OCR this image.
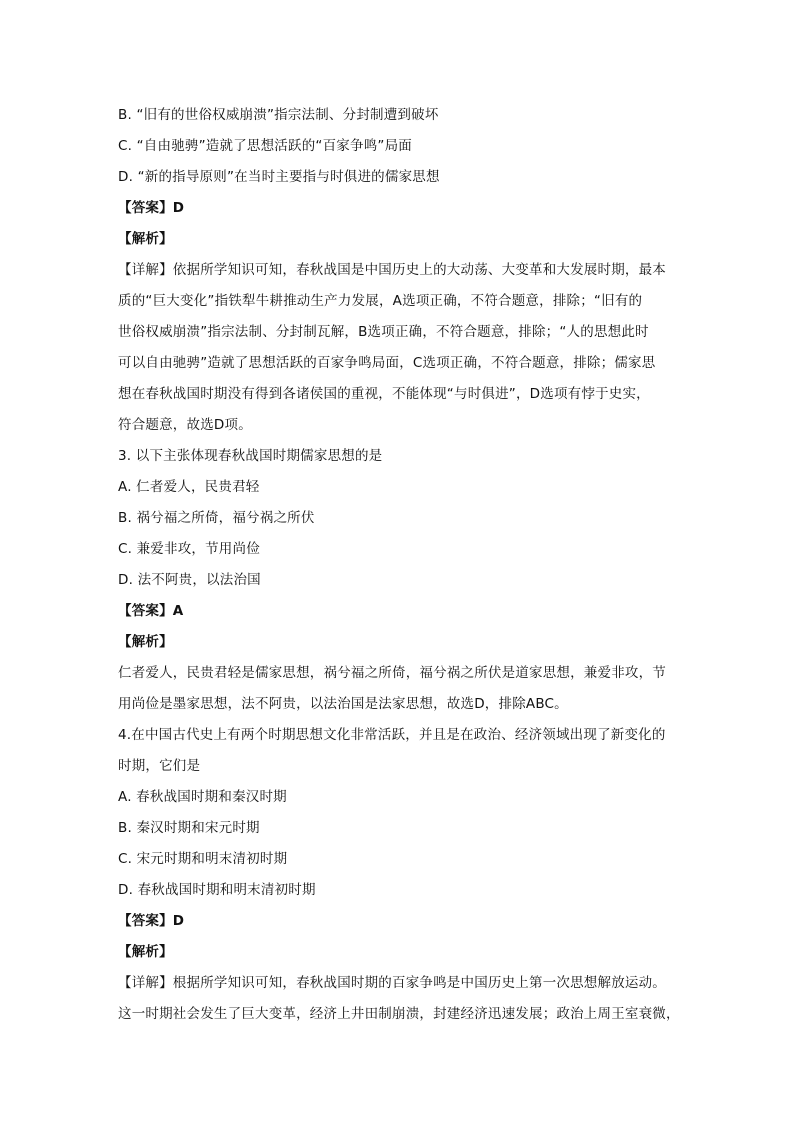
B. “旧有的世俗权威崩溃”指宗法制、分封制遭到破坏
C. “自由驰骋”造就了思想活跃的“百家争鸣”局面
D. “新的指导原则”在当时主要指与时俱进的儒家思想
【答案】D
【解析】
【详解】依据所学知识可知，春秋战国是中国历史上的大动荡、大变革和大发展时期，最本
质的“巨大变化”指铁犁牛耕推动生产力发展，A选项正确，不符合题意，排除；“旧有的
世俗权威崩溃”指宗法制、分封制瓦解，B选项正确，不符合题意，排除；“人的思想此时
可以自由驰骋”造就了思想活跃的百家争鸣局面，C选项正确，不符合题意，排除；儒家思
想在春秋战国时期没有得到各诸侯国的重视，不能体现“与时俱进”，D选项有悖于史实，
符合题意，故选D项。
3. 以下主张体现春秋战国时期儒家思想的是
A. 仁者爱人，民贵君轻
B. 祸兮福之所倚，福兮祸之所伏
C. 兼爱非攻，节用尚俭
D. 法不阿贵，以法治国
【答案】A
【解析】
仁者爱人，民贵君轻是儒家思想，祸兮福之所倚，福兮祸之所伏是道家思想，兼爱非攻，节
用尚俭是墨家思想，法不阿贵，以法治国是法家思想，故选D，排除ABC。
4.在中国古代史上有两个时期思想文化非常活跃，并且是在政治、经济领域出现了新变化的
时期，它们是
A. 春秋战国时期和秦汉时期
B. 秦汉时期和宋元时期
C. 宋元时期和明末清初时期
D. 春秋战国时期和明末清初时期
【答案】D
【解析】
【详解】根据所学知识可知，春秋战国时期的百家争鸣是中国历史上第一次思想解放运动。
这一时期社会发生了巨大变革，经济上井田制崩溃，封建经济迅速发展；政治上周王室衰微，
